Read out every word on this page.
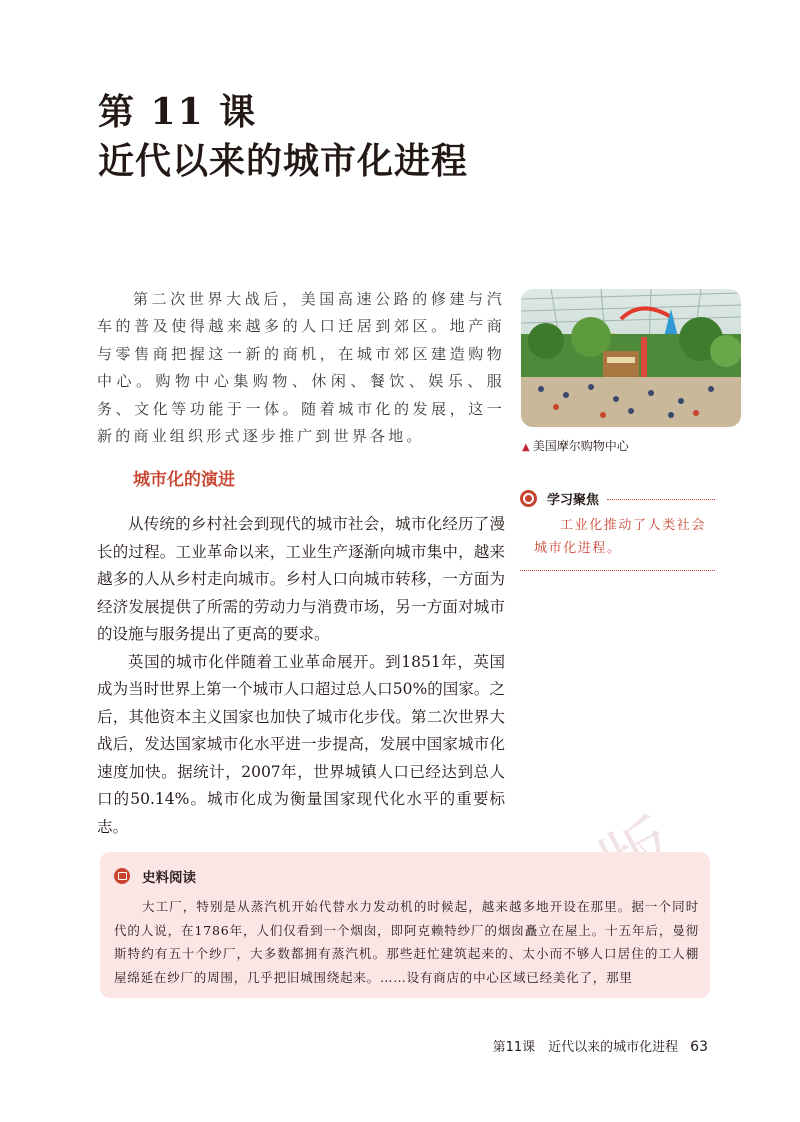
第 11 课
近代以来的城市化进程
第二次世界大战后，美国高速公路的修建与汽车的普及使得越来越多的人口迁居到郊区。地产商与零售商把握这一新的商机，在城市郊区建造购物中心。购物中心集购物、休闲、餐饮、娱乐、服务、文化等功能于一体。随着城市化的发展，这一新的商业组织形式逐步推广到世界各地。
▲ 美国摩尔购物中心
城市化的演进

从传统的乡村社会到现代的城市社会，城市化经历了漫长的过程。工业革命以来，工业生产逐渐向城市集中，越来越多的人从乡村走向城市。乡村人口向城市转移，一方面为经济发展提供了所需的劳动力与消费市场，另一方面对城市的设施与服务提出了更高的要求。

英国的城市化伴随着工业革命展开。到1851年，英国成为当时世界上第一个城市人口超过总人口50%的国家。之后，其他资本主义国家也加快了城市化步伐。第二次世界大战后，发达国家城市化水平进一步提高，发展中国家城市化速度加快。据统计，2007年，世界城镇人口已经达到总人口的50.14%。城市化成为衡量国家现代化水平的重要标志。

学习聚焦
工业化推动了人类社会城市化进程。
史料阅读
大工厂，特别是从蒸汽机开始代替水力发动机的时候起，越来越多地开设在那里。据一个同时代的人说，在1786年，人们仅看到一个烟囱，即阿克赖特纱厂的烟囱矗立在屋上。十五年后，曼彻斯特约有五十个纱厂，大多数都拥有蒸汽机。那些赶忙建筑起来的、太小而不够人口居住的工人棚屋绵延在纱厂的周围，几乎把旧城围绕起来。……设有商店的中心区域已经美化了，那里
第11课　近代以来的城市化进程 63
